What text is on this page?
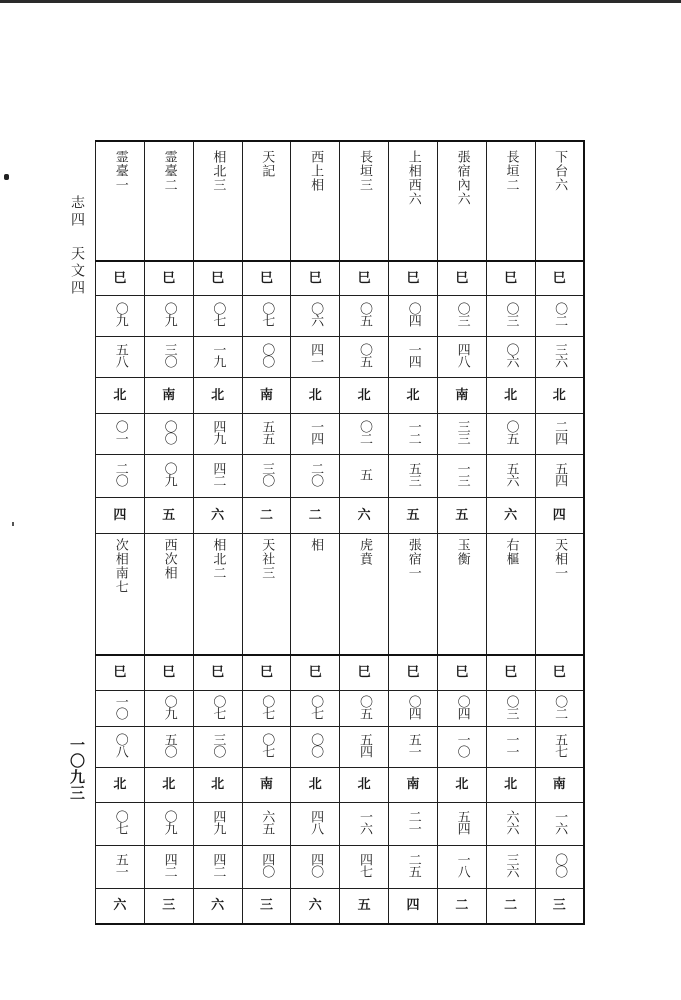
志四　天文四
一〇九三
霊臺一	霊臺二	相北三	天記	西上相	長垣三	上相西六	張宿內六	長垣二	下台六
巳	巳	巳	巳	巳	巳	巳	巳	巳	巳
〇九	〇九	〇七	〇七	〇六	〇五	〇四	〇三	〇三	〇二
五八	三〇	一九	〇〇	四一	〇五	一四	四八	〇六	三六
北	南	北	南	北	北	北	南	北	北
〇一	〇〇	四九	五五	一四	〇二	一二	三三	〇五	二四
二〇	〇九	四二	三〇	二〇	五	五三	一三	五六	五四
四	五	六	二	二	六	五	五	六	四
次相南七	西次相	相北二	天社三	相	虎賁	張宿一	玉衡	右樞	天相一
巳	巳	巳	巳	巳	巳	巳	巳	巳	巳
一〇	〇九	〇七	〇七	〇七	〇五	〇四	〇四	〇三	〇二
〇八	五〇	三〇	〇七	〇〇	五四	五一	一〇	一一	五七
北	北	北	南	北	北	南	北	北	南
〇七	〇九	四九	六五	四八	一六	二一	五四	六六	一六
五一	四二	四二	四〇	四〇	四七	二五	一八	三六	〇〇
六	三	六	三	六	五	四	二	二	三
